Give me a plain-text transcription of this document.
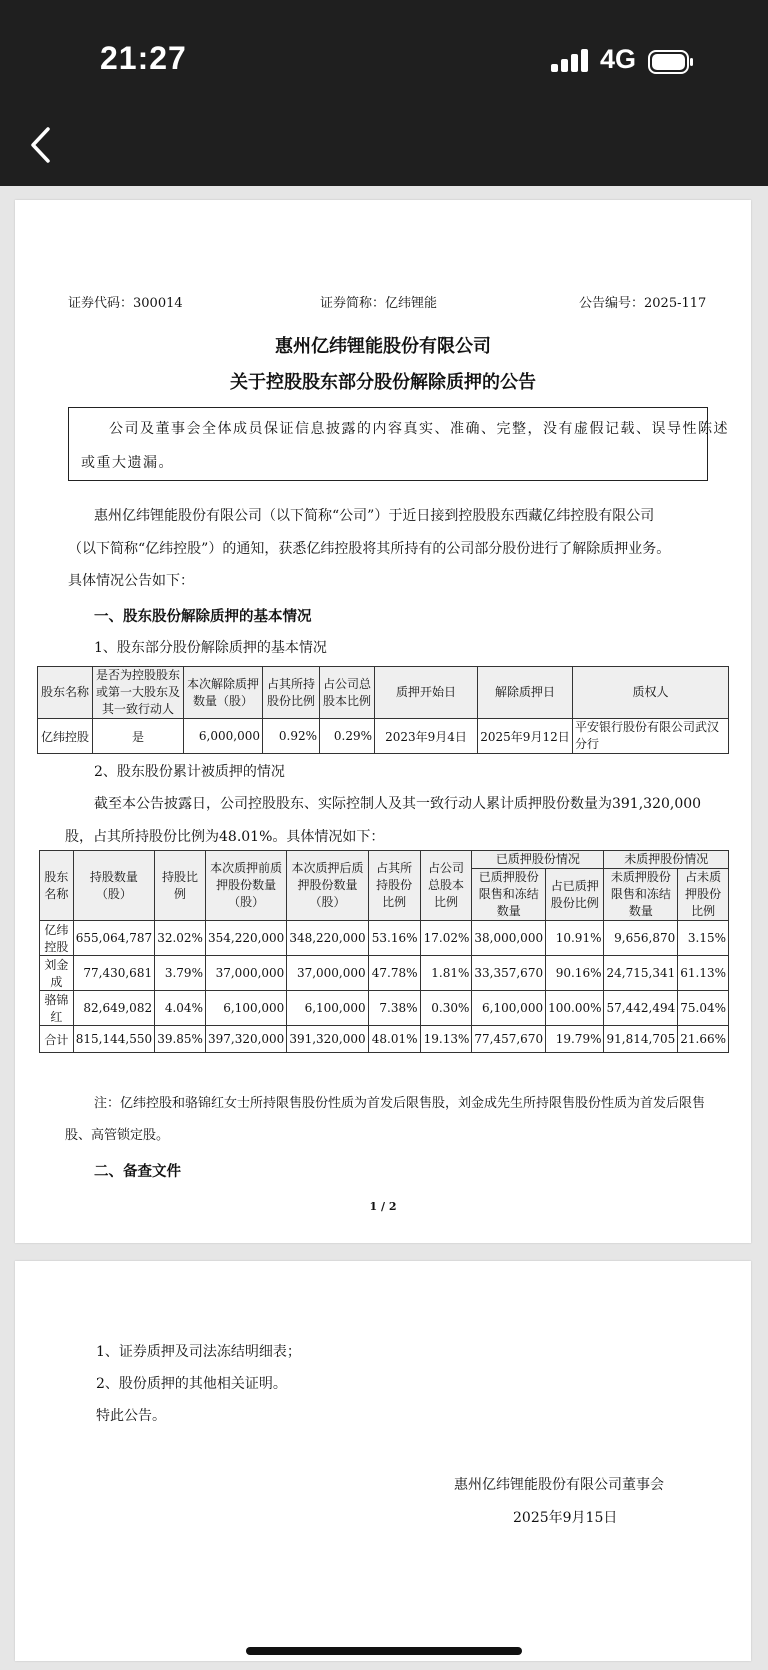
21:27	4G
证券代码：300014	证券简称：亿纬锂能	公告编号：2025-117
惠州亿纬锂能股份有限公司
关于控股股东部分股份解除质押的公告
公司及董事会全体成员保证信息披露的内容真实、准确、完整，没有虚假记载、误导性陈述
或重大遗漏。
惠州亿纬锂能股份有限公司（以下简称“公司”）于近日接到控股股东西藏亿纬控股有限公司
（以下简称“亿纬控股”）的通知，获悉亿纬控股将其所持有的公司部分股份进行了解除质押业务。
具体情况公告如下：
一、股东股份解除质押的基本情况
1、股东部分股份解除质押的基本情况
股东名称	是否为控股股东或第一大股东及其一致行动人	本次解除质押数量（股）	占其所持股份比例	占公司总股本比例	质押开始日	解除质押日	质权人
亿纬控股	是	6,000,000	0.92%	0.29%	2023年9月4日	2025年9月12日	平安银行股份有限公司武汉分行
2、股东股份累计被质押的情况
截至本公告披露日，公司控股股东、实际控制人及其一致行动人累计质押股份数量为391,320,000
股，占其所持股份比例为48.01%。具体情况如下：
股东名称	持股数量（股）	持股比例	本次质押前质押股份数量（股）	本次质押后质押股份数量（股）	占其所持股份比例	占公司总股本比例	已质押股份情况		未质押股份情况	
							已质押股份限售和冻结数量	占已质押股份比例	未质押股份限售和冻结数量	占未质押股份比例
亿纬控股	655,064,787	32.02%	354,220,000	348,220,000	53.16%	17.02%	38,000,000	10.91%	9,656,870	3.15%
刘金成	77,430,681	3.79%	37,000,000	37,000,000	47.78%	1.81%	33,357,670	90.16%	24,715,341	61.13%
骆锦红	82,649,082	4.04%	6,100,000	6,100,000	7.38%	0.30%	6,100,000	100.00%	57,442,494	75.04%
合计	815,144,550	39.85%	397,320,000	391,320,000	48.01%	19.13%	77,457,670	19.79%	91,814,705	21.66%
注：亿纬控股和骆锦红女士所持限售股份性质为首发后限售股，刘金成先生所持限售股份性质为首发后限售
股、高管锁定股。
二、备查文件
1 / 2
1、证券质押及司法冻结明细表；
2、股份质押的其他相关证明。
特此公告。
惠州亿纬锂能股份有限公司董事会
2025年9月15日
